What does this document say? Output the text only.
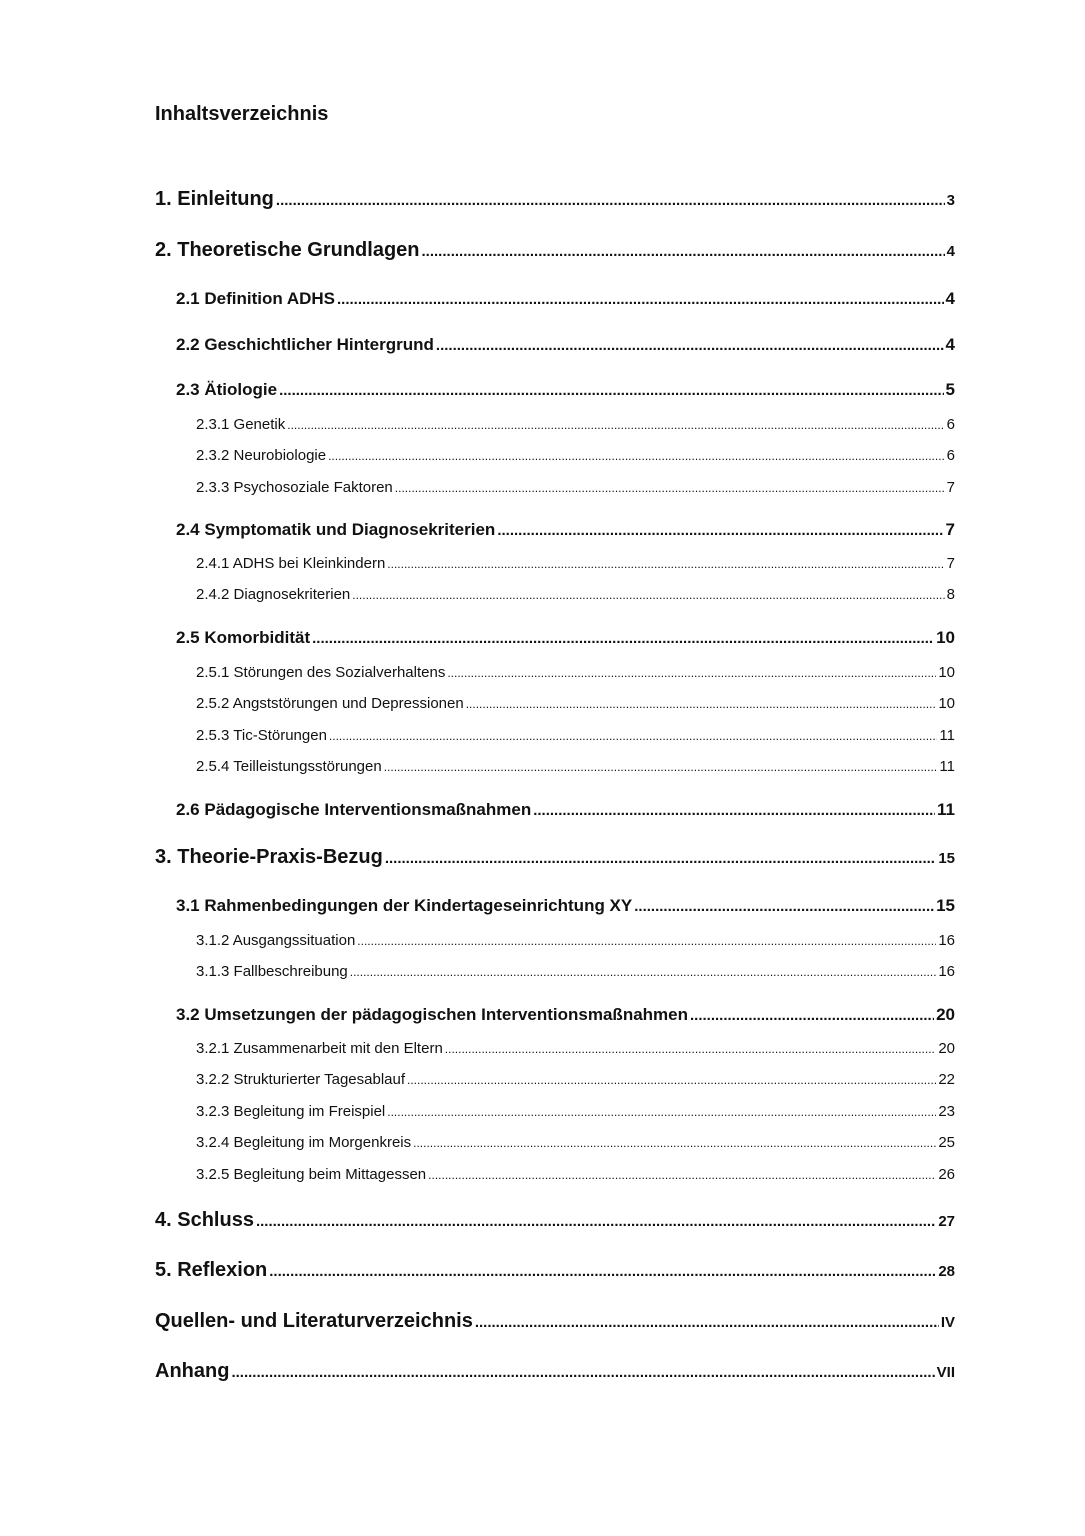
Inhaltsverzeichnis
1. Einleitung .....	3
2. Theoretische Grundlagen .....	4
2.1 Definition ADHS .....	4
2.2 Geschichtlicher Hintergrund .....	4
2.3 Ätiologie .....	5
2.3.1 Genetik .....	6
2.3.2 Neurobiologie .....	6
2.3.3 Psychosoziale Faktoren .....	7
2.4 Symptomatik und Diagnosekriterien .....	7
2.4.1 ADHS bei Kleinkindern .....	7
2.4.2 Diagnosekriterien .....	8
2.5 Komorbidität .....	10
2.5.1 Störungen des Sozialverhaltens .....	10
2.5.2 Angststörungen und Depressionen .....	10
2.5.3 Tic-Störungen .....	11
2.5.4 Teilleistungsstörungen .....	11
2.6 Pädagogische Interventionsmaßnahmen .....	11
3. Theorie-Praxis-Bezug .....	15
3.1 Rahmenbedingungen der Kindertageseinrichtung XY .....	15
3.1.2 Ausgangssituation .....	16
3.1.3 Fallbeschreibung .....	16
3.2 Umsetzungen der pädagogischen Interventionsmaßnahmen .....	20
3.2.1 Zusammenarbeit mit den Eltern .....	20
3.2.2 Strukturierter Tagesablauf .....	22
3.2.3 Begleitung im Freispiel .....	23
3.2.4 Begleitung im Morgenkreis .....	25
3.2.5 Begleitung beim Mittagessen .....	26
4. Schluss .....	27
5. Reflexion .....	28
Quellen- und Literaturverzeichnis .....	IV
Anhang .....	VII
